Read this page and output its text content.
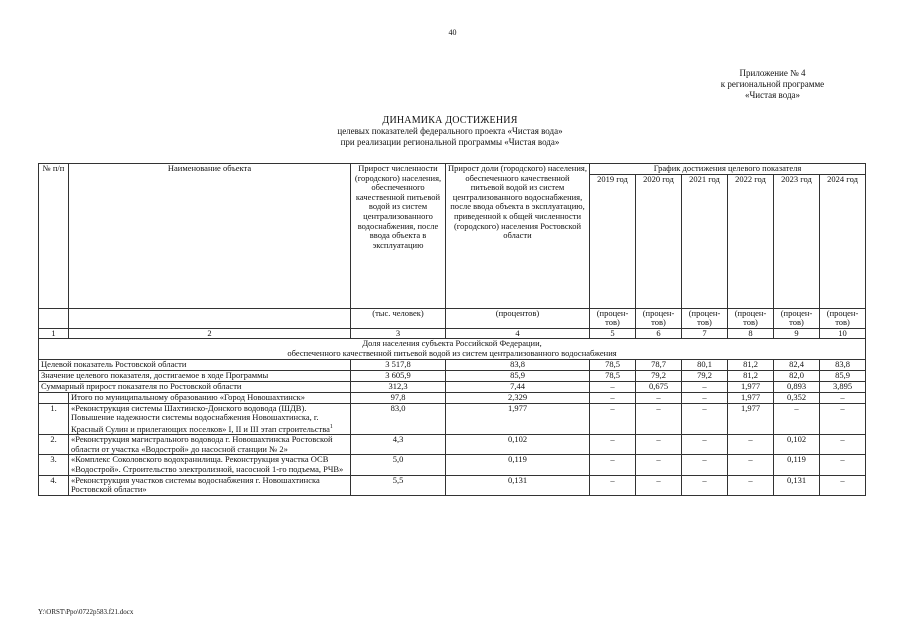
40
Приложение № 4
к региональной программе
«Чистая вода»
ДИНАМИКА ДОСТИЖЕНИЯ
целевых показателей федерального проекта «Чистая вода»
при реализации региональной программы «Чистая вода»
№ п/п	Наименование объекта	Прирост численности (городского) населения, обеспеченного качественной питьевой водой из систем централизованного водоснабжения, после ввода объекта в эксплуатацию	Прирост доли (городского) населения, обеспеченного качественной питьевой водой из систем централизованного водоснабжения, после ввода объекта в эксплуатацию, приведенной к общей численности (городского) населения Ростовской области	График достижения целевого показателя					
				2019 год	2020 год	2021 год	2022 год	2023 год	2024 год
		(тыс. человек)	(процентов)	(процен-тов)	(процен-тов)	(процен-тов)	(процен-тов)	(процен-тов)	(процен-тов)
1	2	3	4	5	6	7	8	9	10

Доля населения субъекта Российской Федерации,
обеспеченного качественной питьевой водой из систем централизованного водоснабжения									

Целевой показатель Ростовской области		3 517,8	83,8	78,5	78,7	80,1	81,2	82,4	83,8
Значение целевого показателя, достигаемое в ходе Программы		3 605,9	85,9	78,5	79,2	79,2	81,2	82,0	85,9
Суммарный прирост показателя по Ростовской области		312,3	7,44	–	0,675	–	1,977	0,893	3,895
	Итого по муниципальному образованию «Город Новошахтинск»	97,8	2,329	–	–	–	1,977	0,352	–
1.	«Реконструкция системы Шахтинско-Донского водовода (ШДВ). Повышение надежности системы водоснабжения Новошахтинска, г. Красный Сулин и прилегающих поселков» I, II и III этап строительства$^1$	83,0	1,977	–	–	–	1,977	–	–
2.	«Реконструкция магистрального водовода г. Новошахтинска Ростовской области от участка «Водострой» до насосной станции № 2»	4,3	0,102	–	–	–	–	0,102	–
3.	«Комплекс Соколовского водохранилища. Реконструкция участка ОСВ «Водострой». Строительство электролизной, насосной 1-го подъема, РЧВ»	5,0	0,119	–	–	–	–	0,119	–
4.	«Реконструкция участков системы водоснабжения г. Новошахтинска Ростовской области»	5,5	0,131	–	–	–	–	0,131	–
Y:\ORST\Ppo\0722p583.f21.docx
